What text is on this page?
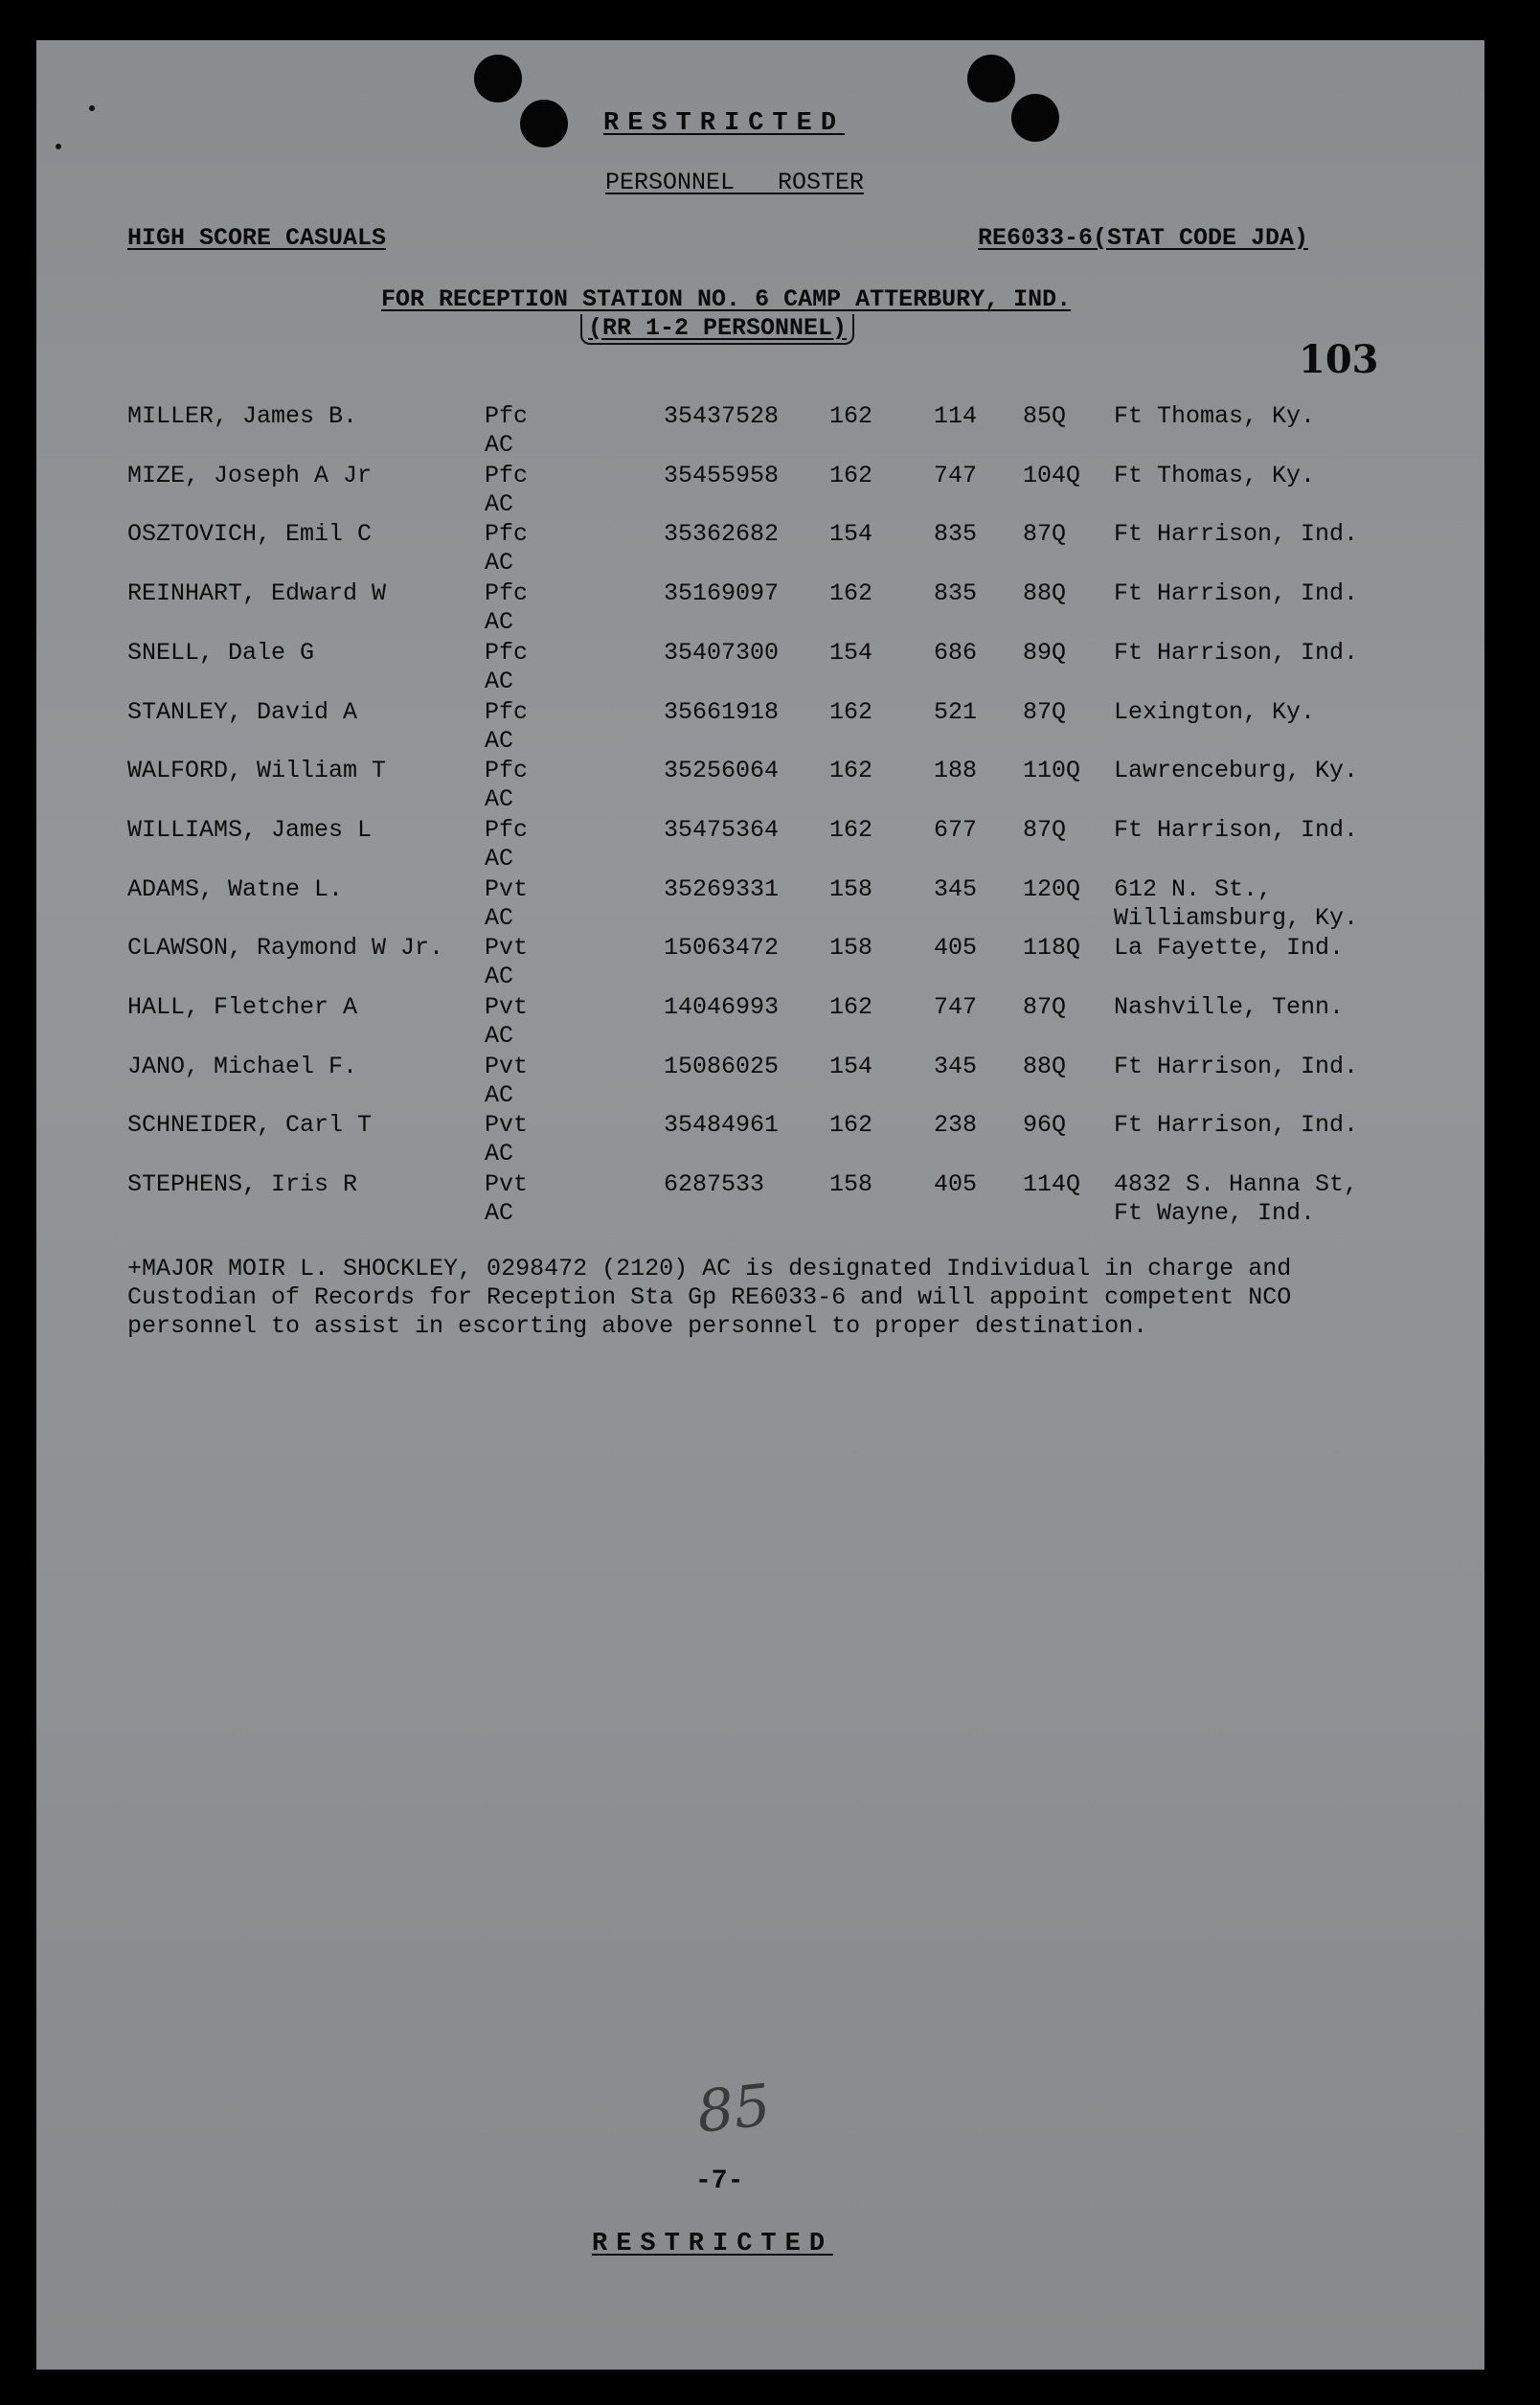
RESTRICTED
PERSONNEL ROSTER
HIGH SCORE CASUALS	RE6033-6(STAT CODE JDA)
FOR RECEPTION STATION NO. 6 CAMP ATTERBURY, IND.
(RR 1-2 PERSONNEL)
103
MILLER, James B.	Pfc	35437528 162	114 85Q Ft Thomas, Ky.
AC
MIZE, Joseph A Jr	Pfc	35455958 162	747 104Q Ft Thomas, Ky.
AC
OSZTOVICH, Emil C	Pfc	35362682 154	835 87Q Ft Harrison, Ind.
AC
REINHART, Edward W	Pfc	35169097 162	835 88Q Ft Harrison, Ind.
AC
SNELL, Dale G	Pfc	35407300 154	686 89Q Ft Harrison, Ind.
AC
STANLEY, David A	Pfc	35661918 162	521 87Q Lexington, Ky.
AC
WALFORD, William T	Pfc	35256064 162	188 110Q Lawrenceburg, Ky.
AC
WILLIAMS, James L	Pfc	35475364 162	677 87Q Ft Harrison, Ind.
AC
ADAMS, Watne L.	Pvt	35269331 158	345 120Q 612 N. St.,
AC	Williamsburg, Ky.
CLAWSON, Raymond W Jr. Pvt	15063472 158	405 118Q La Fayette, Ind.
AC
HALL, Fletcher A	Pvt	14046993 162	747 87Q Nashville, Tenn.
AC
JANO, Michael F.	Pvt	15086025 154	345 88Q Ft Harrison, Ind.
AC
SCHNEIDER, Carl T	Pvt	35484961 162	238 96Q Ft Harrison, Ind.
AC
STEPHENS, Iris R	Pvt	6287533	158	405 114Q 4832 S. Hanna St,
AC	Ft Wayne, Ind.
+MAJOR MOIR L. SHOCKLEY, 0298472 (2120) AC is designated Individual in charge and
Custodian of Records for Reception Sta Gp RE6033-6 and will appoint competent NCO
personnel to assist in escorting above personnel to proper destination.
85
-7-
RESTRICTED
